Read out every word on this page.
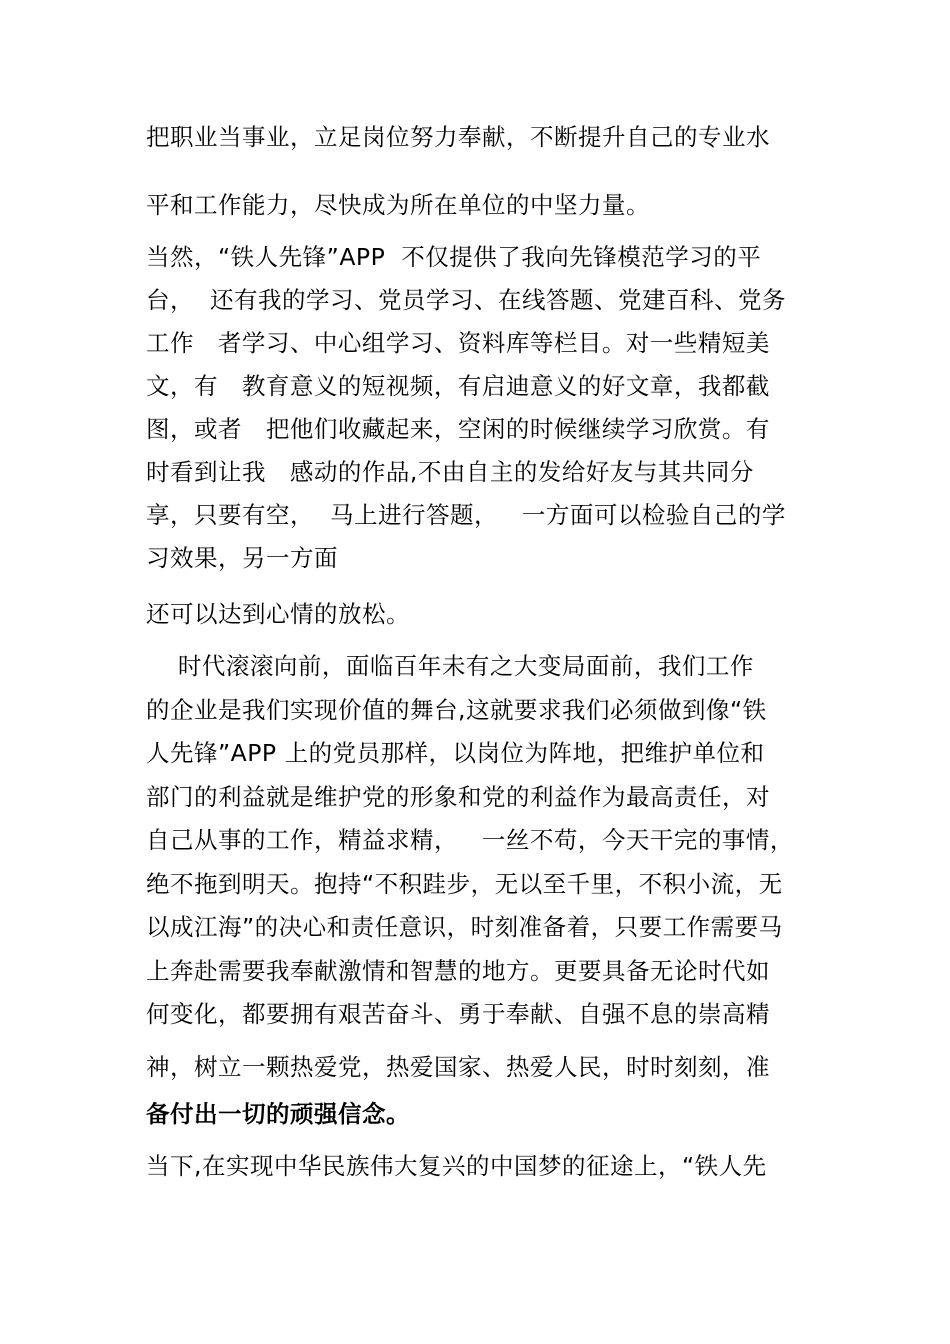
把职业当事业，立足岗位努力奉献，不断提升自己的专业水
平和工作能力，尽快成为所在单位的中坚力量。
当然，“铁人先锋”APP  不仅提供了我向先锋模范学习的平
台，  还有我的学习、党员学习、在线答题、党建百科、党务
工作   者学习、中心组学习、资料库等栏目。对一些精短美
文，有   教育意义的短视频，有启迪意义的好文章，我都截
图，或者   把他们收藏起来，空闲的时候继续学习欣赏。有
时看到让我   感动的作品,不由自主的发给好友与其共同分
享，只要有空，  马上进行答题，   一方面可以检验自己的学
习效果，另一方面
还可以达到心情的放松。
时代滚滚向前，面临百年未有之大变局面前，我们工作
的企业是我们实现价值的舞台,这就要求我们必须做到像“铁
人先锋”APP 上的党员那样，以岗位为阵地，把维护单位和
部门的利益就是维护党的形象和党的利益作为最高责任，对
自己从事的工作，精益求精，   一丝不苟，今天干完的事情，
绝不拖到明天。抱持“不积跬步，无以至千里，不积小流，无
以成江海”的决心和责任意识，时刻准备着，只要工作需要马
上奔赴需要我奉献激情和智慧的地方。更要具备无论时代如
何变化，都要拥有艰苦奋斗、勇于奉献、自强不息的崇高精
神，树立一颗热爱党，热爱国家、热爱人民，时时刻刻，准
备付出一切的顽强信念。
当下,在实现中华民族伟大复兴的中国梦的征途上，“铁人先
